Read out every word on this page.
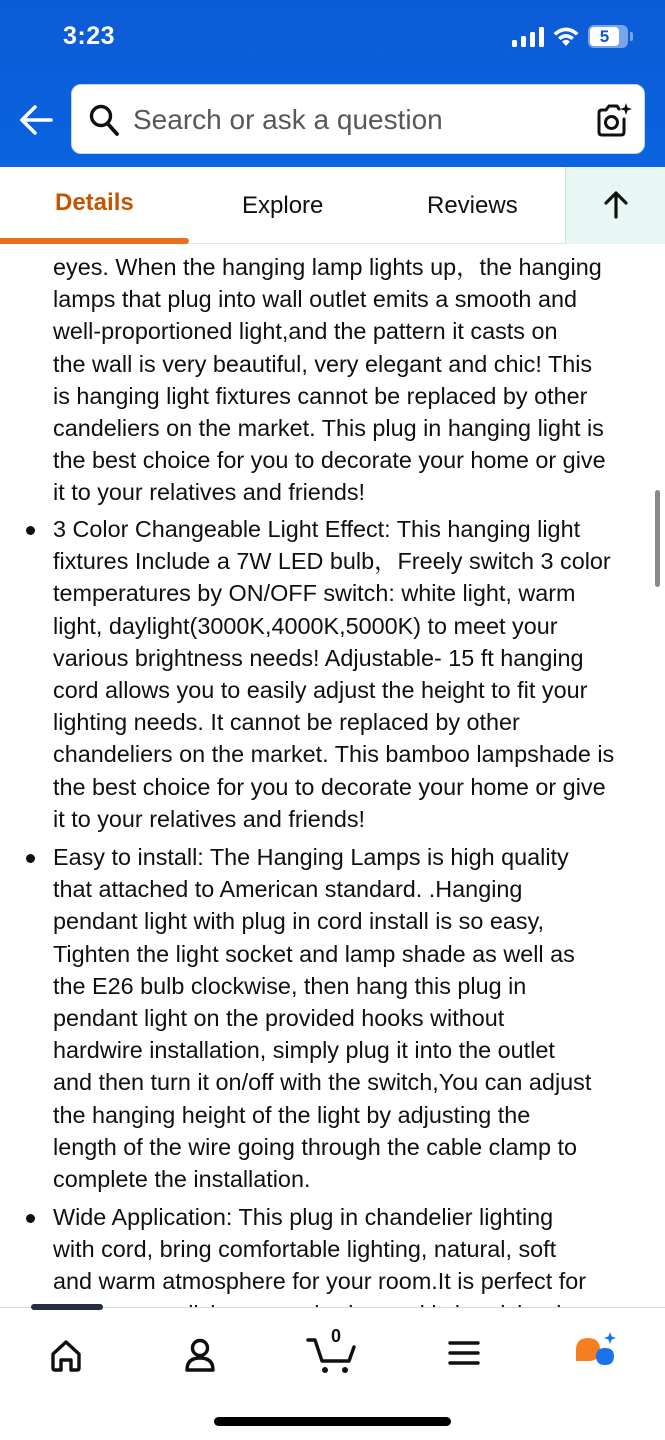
3:23	5
Search or ask a question
Details	Explore	Reviews
eyes. When the hanging lamp lights up，the hanging
lamps that plug into wall outlet emits a smooth and
well-proportioned light,and the pattern it casts on
the wall is very beautiful, very elegant and chic! This
is hanging light fixtures cannot be replaced by other
candeliers on the market. This plug in hanging light is
the best choice for you to decorate your home or give
it to your relatives and friends!
3 Color Changeable Light Effect: This hanging light
fixtures Include a 7W LED bulb，Freely switch 3 color
temperatures by ON/OFF switch: white light, warm
light, daylight(3000K,4000K,5000K) to meet your
various brightness needs! Adjustable- 15 ft hanging
cord allows you to easily adjust the height to fit your
lighting needs. It cannot be replaced by other
chandeliers on the market. This bamboo lampshade is
the best choice for you to decorate your home or give
it to your relatives and friends!
Easy to install: The Hanging Lamps is high quality
that attached to American standard. .Hanging
pendant light with plug in cord install is so easy,
Tighten the light socket and lamp shade as well as
the E26 bulb clockwise, then hang this plug in
pendant light on the provided hooks without
hardwire installation, simply plug it into the outlet
and then turn it on/off with the switch,You can adjust
the hanging height of the light by adjusting the
length of the wire going through the cable clamp to
complete the installation.
Wide Application: This plug in chandelier lighting
with cord, bring comfortable lighting, natural, soft
and warm atmosphere for your room.It is perfect for
0
